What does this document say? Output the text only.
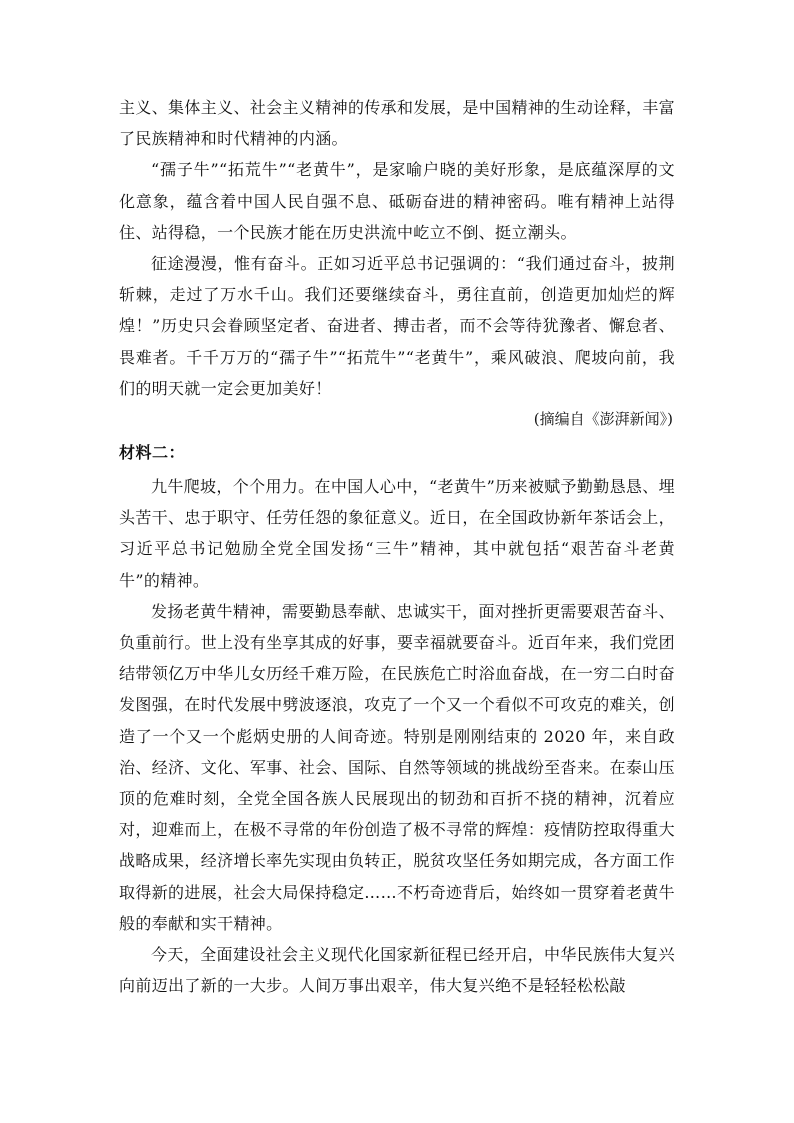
主义、集体主义、社会主义精神的传承和发展，是中国精神的生动诠释，丰富了民族精神和时代精神的内涵。

“孺子牛”“拓荒牛”“老黄牛”，是家喻户晓的美好形象，是底蕴深厚的文化意象，蕴含着中国人民自强不息、砥砺奋进的精神密码。唯有精神上站得住、站得稳，一个民族才能在历史洪流中屹立不倒、挺立潮头。

征途漫漫，惟有奋斗。正如习近平总书记强调的：“我们通过奋斗，披荆斩棘，走过了万水千山。我们还要继续奋斗，勇往直前，创造更加灿烂的辉煌！”历史只会眷顾坚定者、奋进者、搏击者，而不会等待犹豫者、懈怠者、畏难者。千千万万的“孺子牛”“拓荒牛”“老黄牛”，乘风破浪、爬坡向前，我们的明天就一定会更加美好！

(摘编自《澎湃新闻》)

材料二：

九牛爬坡，个个用力。在中国人心中，“老黄牛”历来被赋予勤勤恳恳、埋头苦干、忠于职守、任劳任怨的象征意义。近日，在全国政协新年茶话会上，习近平总书记勉励全党全国发扬“三牛”精神，其中就包括“艰苦奋斗老黄牛”的精神。

发扬老黄牛精神，需要勤恳奉献、忠诚实干，面对挫折更需要艰苦奋斗、负重前行。世上没有坐享其成的好事，要幸福就要奋斗。近百年来，我们党团结带领亿万中华儿女历经千难万险，在民族危亡时浴血奋战，在一穷二白时奋发图强，在时代发展中劈波逐浪，攻克了一个又一个看似不可攻克的难关，创造了一个又一个彪炳史册的人间奇迹。特别是刚刚结束的 2020 年，来自政治、经济、文化、军事、社会、国际、自然等领域的挑战纷至沓来。在泰山压顶的危难时刻，全党全国各族人民展现出的韧劲和百折不挠的精神，沉着应对，迎难而上，在极不寻常的年份创造了极不寻常的辉煌：疫情防控取得重大战略成果，经济增长率先实现由负转正，脱贫攻坚任务如期完成，各方面工作取得新的进展，社会大局保持稳定……不朽奇迹背后，始终如一贯穿着老黄牛般的奉献和实干精神。

今天，全面建设社会主义现代化国家新征程已经开启，中华民族伟大复兴向前迈出了新的一大步。人间万事出艰辛，伟大复兴绝不是轻轻松松敲
